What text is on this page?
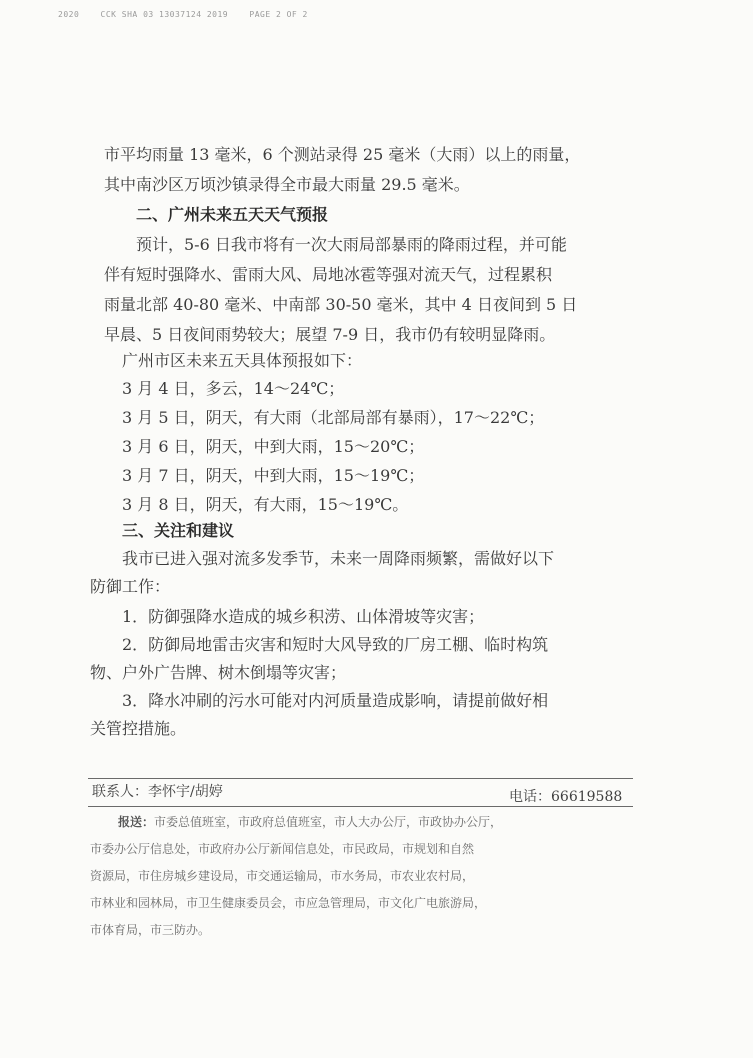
2020    CCK SHA 03 13037124 2019    PAGE 2 OF 2
市平均雨量 13 毫米，6 个测站录得 25 毫米（大雨）以上的雨量，
其中南沙区万顷沙镇录得全市最大雨量 29.5 毫米。
二、广州未来五天天气预报
预计，5-6 日我市将有一次大雨局部暴雨的降雨过程，并可能
伴有短时强降水、雷雨大风、局地冰雹等强对流天气，过程累积
雨量北部 40-80 毫米、中南部 30-50 毫米，其中 4 日夜间到 5 日
早晨、5 日夜间雨势较大；展望 7-9 日，我市仍有较明显降雨。
广州市区未来五天具体预报如下：
3 月 4 日，多云，14～24℃；
3 月 5 日，阴天，有大雨（北部局部有暴雨），17～22℃；
3 月 6 日，阴天，中到大雨，15～20℃；
3 月 7 日，阴天，中到大雨，15～19℃；
3 月 8 日，阴天，有大雨，15～19℃。
三、关注和建议
我市已进入强对流多发季节，未来一周降雨频繁，需做好以下
防御工作：
1．防御强降水造成的城乡积涝、山体滑坡等灾害；
2．防御局地雷击灾害和短时大风导致的厂房工棚、临时构筑
物、户外广告牌、树木倒塌等灾害；
3．降水冲刷的污水可能对内河质量造成影响，请提前做好相
关管控措施。
联系人：李怀宇/胡婷	电话：66619588
报送：市委总值班室，市政府总值班室，市人大办公厅，市政协办公厅，
市委办公厅信息处，市政府办公厅新闻信息处，市民政局，市规划和自然
资源局，市住房城乡建设局，市交通运输局，市水务局，市农业农村局，
市林业和园林局，市卫生健康委员会，市应急管理局，市文化广电旅游局，
市体育局，市三防办。
